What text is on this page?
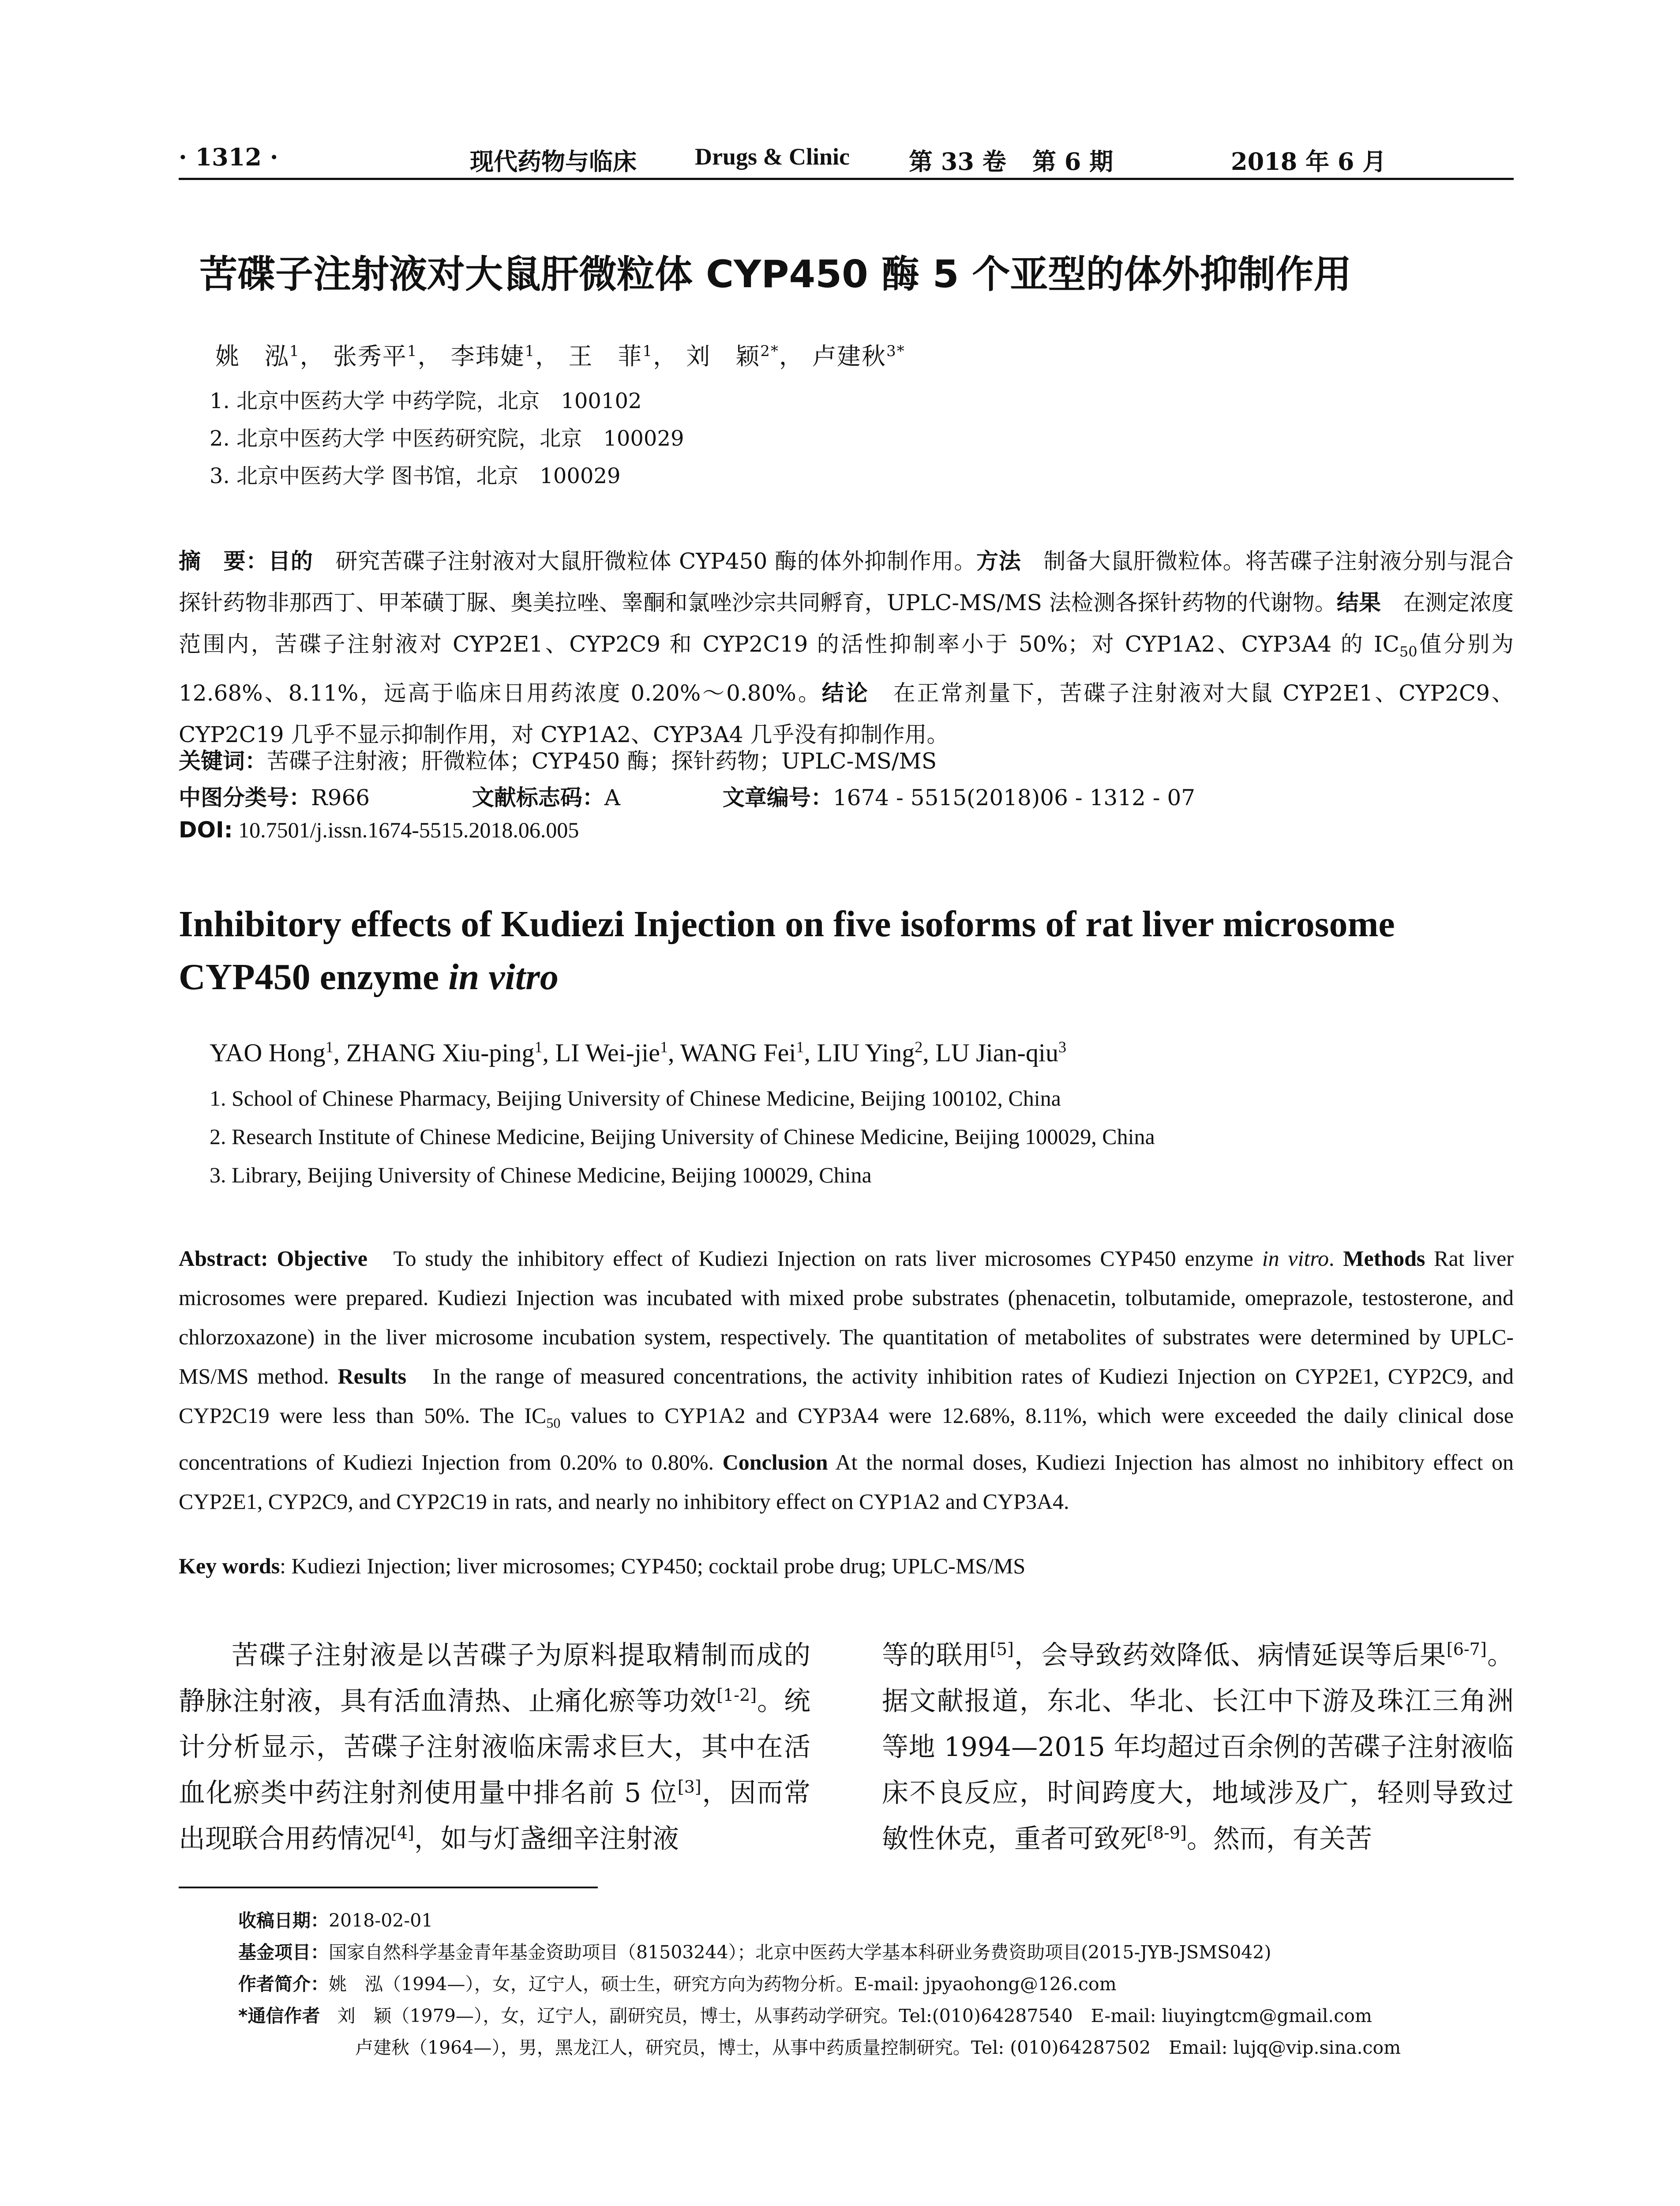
· 1312 ·	现代药物与临床 Drugs & Clinic 第 33 卷 第 6 期	2018 年 6 月
苦碟子注射液对大鼠肝微粒体 CYP450 酶 5 个亚型的体外抑制作用
姚　泓$^1$， 张秀平$^1$， 李玮婕$^1$， 王　菲$^1$， 刘　颖$^{2*}$， 卢建秋$^{3*}$
1. 北京中医药大学 中药学院，北京　100102
2. 北京中医药大学 中医药研究院，北京　100029
3. 北京中医药大学 图书馆，北京　100029
摘　要：目的　 研究苦碟子注射液对大鼠肝微粒体 CYP450 酶的体外抑制作用。方法　 制备大鼠肝微粒体。将苦碟子注射液分别与混合探针药物非那西丁、甲苯磺丁脲、奥美拉唑、睾酮和氯唑沙宗共同孵育，UPLC-MS/MS 法检测各探针药物的代谢物。结果　 在测定浓度范围内，苦碟子注射液对 CYP2E1、CYP2C9 和 CYP2C19 的活性抑制率小于 50%；对 CYP1A2、CYP3A4 的 $IC_{50}$值分别为 12.68%、8.11%，远高于临床日用药浓度 0.20%～0.80%。结论　 在正常剂量下，苦碟子注射液对大鼠 CYP2E1、CYP2C9、CYP2C19 几乎不显示抑制作用，对 CYP1A2、CYP3A4 几乎没有抑制作用。
关键词：苦碟子注射液；肝微粒体；CYP450 酶；探针药物；UPLC-MS/MS
中图分类号：R966	文献标志码：A	文章编号：1674 - 5515(2018)06 - 1312 - 07
DOI: 10.7501/j.issn.1674-5515.2018.06.005
Inhibitory effects of Kudiezi Injection on five isoforms of rat liver microsome
CYP450 enzyme in vitro
YAO Hong$^1$, ZHANG Xiu-ping$^1$, LI Wei-jie$^1$, WANG Fei$^1$, LIU Ying$^2$, LU Jian-qiu$^3$
1. School of Chinese Pharmacy, Beijing University of Chinese Medicine, Beijing 100102, China
2. Research Institute of Chinese Medicine, Beijing University of Chinese Medicine, Beijing 100029, China
3. Library, Beijing University of Chinese Medicine, Beijing 100029, China
Abstract: Objective To study the inhibitory effect of Kudiezi Injection on rats liver microsomes CYP450 enzyme in vitro. Methods Rat liver microsomes were prepared. Kudiezi Injection was incubated with mixed probe substrates (phenacetin, tolbutamide, omeprazole, testosterone, and chlorzoxazone) in the liver microsome incubation system, respectively. The quantitation of metabolites of substrates were determined by UPLC-MS/MS method. Results In the range of measured concentrations, the activity inhibition rates of Kudiezi Injection on CYP2E1, CYP2C9, and CYP2C19 were less than 50%. The $IC_{50}$ values to CYP1A2 and CYP3A4 were 12.68%, 8.11%, which were exceeded the daily clinical dose concentrations of Kudiezi Injection from 0.20% to 0.80%. Conclusion At the normal doses, Kudiezi Injection has almost no inhibitory effect on CYP2E1, CYP2C9, and CYP2C19 in rats, and nearly no inhibitory effect on CYP1A2 and CYP3A4.
Key words: Kudiezi Injection; liver microsomes; CYP450; cocktail probe drug; UPLC-MS/MS
苦碟子注射液是以苦碟子为原料提取精制而成的静脉注射液，具有活血清热、止痛化瘀等功效[1-2]。统计分析显示，苦碟子注射液临床需求巨大，其中在活血化瘀类中药注射剂使用量中排名前 5 位[3]，因而常出现联合用药情况[4]，如与灯盏细辛注射液
等的联用[5]，会导致药效降低、病情延误等后果[6-7]。据文献报道，东北、华北、长江中下游及珠江三角洲等地 1994—2015 年均超过百余例的苦碟子注射液临床不良反应，时间跨度大，地域涉及广，轻则导致过敏性休克，重者可致死[8-9]。然而，有关苦
收稿日期：2018-02-01
基金项目：国家自然科学基金青年基金资助项目（81503244）；北京中医药大学基本科研业务费资助项目(2015-JYB-JSMS042)
作者简介：姚　泓（1994—），女，辽宁人，硕士生，研究方向为药物分析。E-mail: jpyaohong@126.com
*通信作者 刘　颖（1979—），女，辽宁人，副研究员，博士，从事药动学研究。Tel:(010)64287540　E-mail: liuyingtcm@gmail.com
卢建秋（1964—），男，黑龙江人，研究员，博士，从事中药质量控制研究。Tel: (010)64287502　Email: lujq@vip.sina.com
